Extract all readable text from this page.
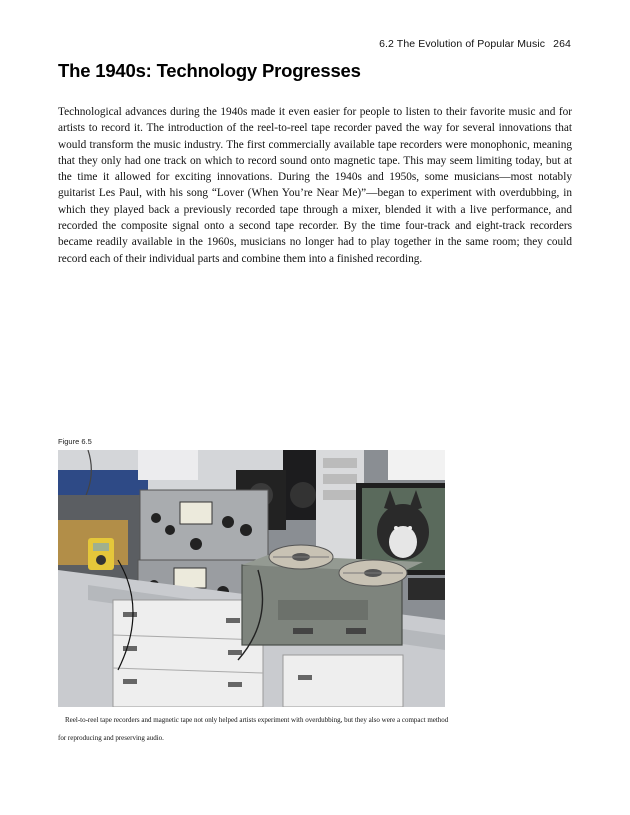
6.2 The Evolution of Popular Music 264
The 1940s: Technology Progresses

Technological advances during the 1940s made it even easier for people to listen to their favorite music and for artists to record it. The introduction of the reel-to-reel tape recorder paved the way for several innovations that would transform the music industry. The first commercially available tape recorders were monophonic, meaning that they only had one track on which to record sound onto magnetic tape. This may seem limiting today, but at the time it allowed for exciting innovations. During the 1940s and 1950s, some musicians—most notably guitarist Les Paul, with his song “Lover (When You’re Near Me)”—began to experiment with overdubbing, in which they played back a previously recorded tape through a mixer, blended it with a live performance, and recorded the composite signal onto a second tape recorder. By the time four-track and eight-track recorders became readily available in the 1960s, musicians no longer had to play together in the same room; they could record each of their individual parts and combine them into a finished recording.

Figure 6.5

Reel-to-reel tape recorders and magnetic tape not only helped artists experiment with overdubbing, but they also were a compact method for reproducing and preserving audio.
